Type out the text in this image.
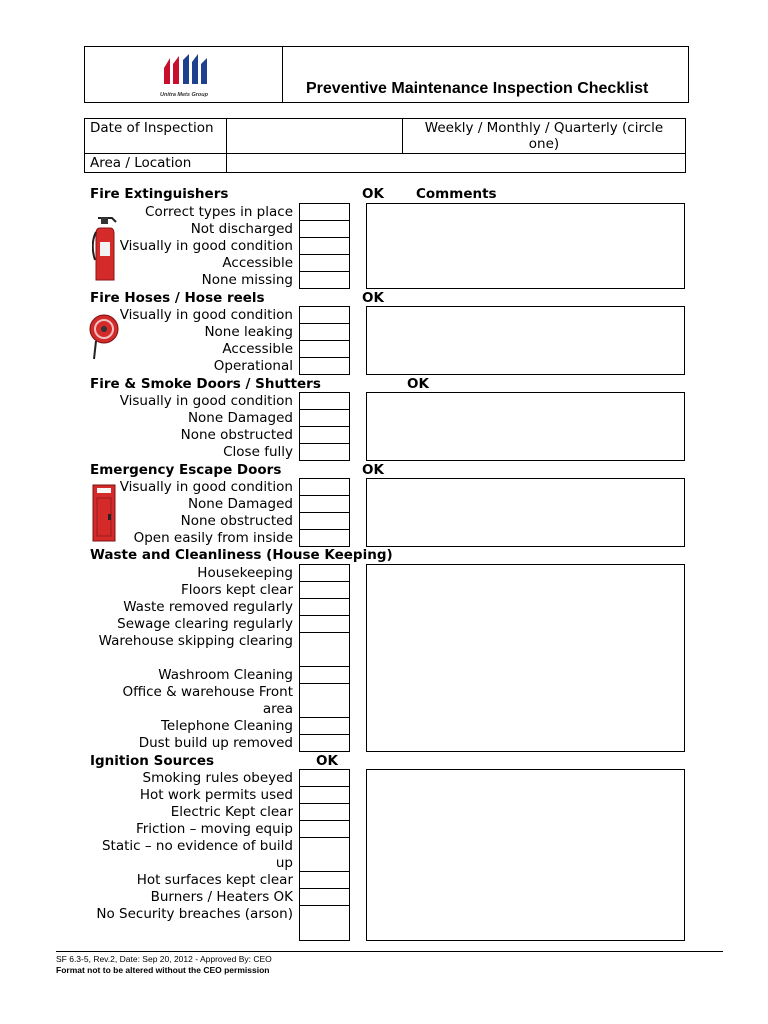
Unitra Mets Group	Preventive Maintenance Inspection Checklist
Date of Inspection		Weekly / Monthly / Quarterly (circle one)
Area / Location		
Fire Extinguishers	OK Comments
Correct types in place
Not discharged
Visually in good condition
Accessible
None missing
Fire Hoses / Hose reels	OK
Visually in good condition
None leaking
Accessible
Operational
Fire & Smoke Doors / Shutters	OK
Visually in good condition
None Damaged
None obstructed
Close fully
Emergency Escape Doors	OK
Visually in good condition
None Damaged
None obstructed
Open easily from inside
Waste and Cleanliness (House Keeping)
Housekeeping
Floors kept clear
Waste removed regularly
Sewage clearing regularly
Warehouse skipping clearing
Washroom Cleaning
Office & warehouse Front area
Telephone Cleaning
Dust build up removed
Ignition Sources	OK
Smoking rules obeyed
Hot work permits used
Electric Kept clear
Friction – moving equip
Static – no evidence of build up
Hot surfaces kept clear
Burners / Heaters OK
No Security breaches (arson)
SF 6.3-5, Rev.2, Date: Sep 20, 2012 - Approved By: CEO
Format not to be altered without the CEO permission
